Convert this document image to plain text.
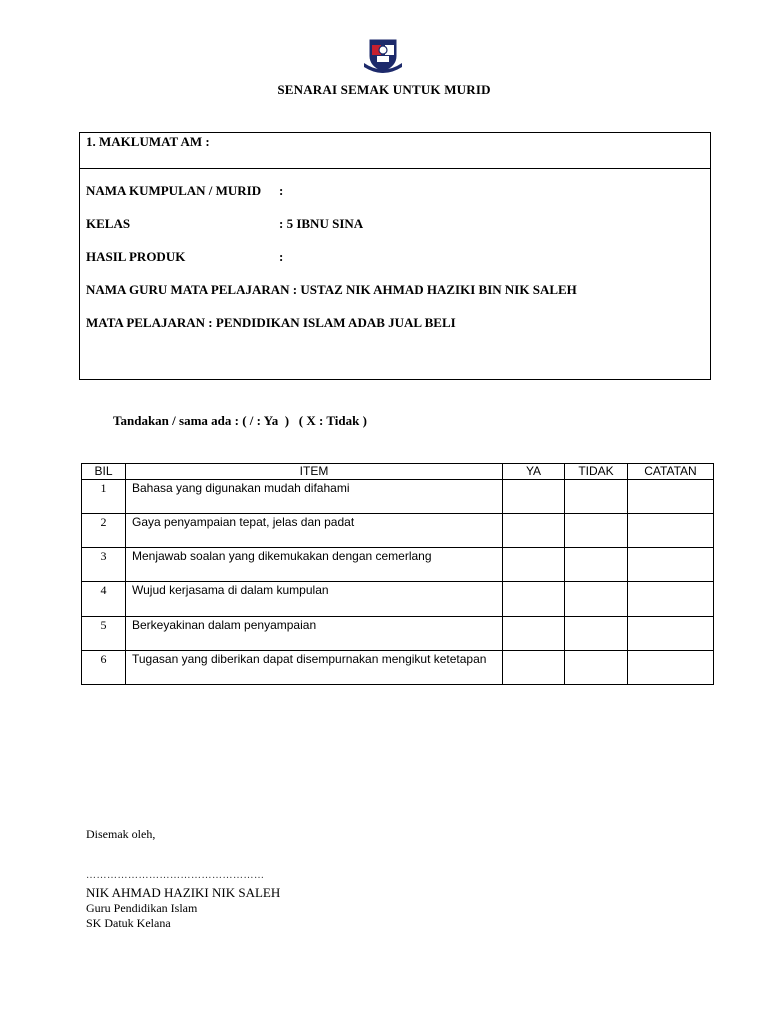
SENARAI SEMAK UNTUK MURID
1. MAKLUMAT AM :
NAMA KUMPULAN / MURID :
KELAS	: 5 IBNU SINA
HASIL PRODUK	:
NAMA GURU MATA PELAJARAN : USTAZ NIK AHMAD HAZIKI BIN NIK SALEH
MATA PELAJARAN : PENDIDIKAN ISLAM ADAB JUAL BELI
Tandakan / sama ada : ( / : Ya  )   ( X : Tidak )
BIL	ITEM	YA	TIDAK	CATATAN
1	Bahasa yang digunakan mudah difahami			
2	Gaya penyampaian tepat, jelas dan padat			
3	Menjawab soalan yang dikemukakan dengan cemerlang			
4	Wujud kerjasama di dalam kumpulan			
5	Berkeyakinan dalam penyampaian			
6	Tugasan yang diberikan dapat disempurnakan mengikut ketetapan			
Disemak oleh,
……………………………………………
NIK AHMAD HAZIKI NIK SALEH
Guru Pendidikan Islam
SK Datuk Kelana
